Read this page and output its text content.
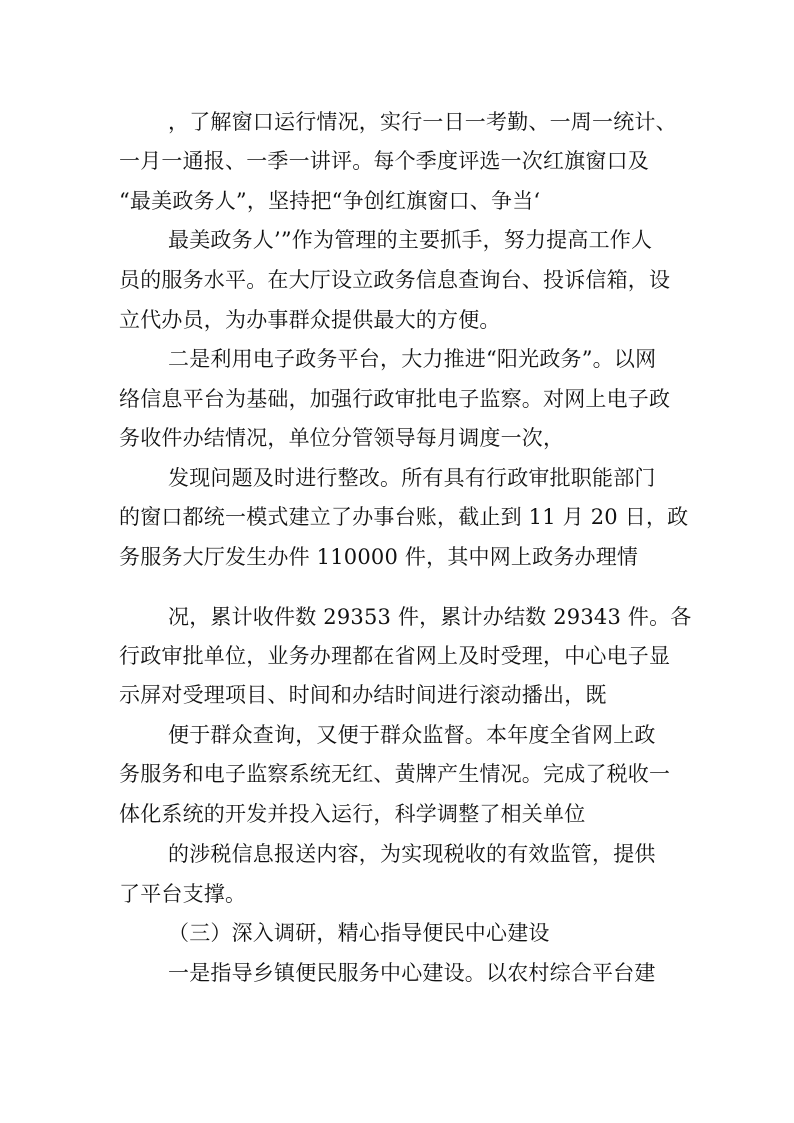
，了解窗口运行情况，实行一日一考勤、一周一统计、
一月一通报、一季一讲评。每个季度评选一次红旗窗口及
“最美政务人”，坚持把“争创红旗窗口、争当‘
最美政务人’”作为管理的主要抓手，努力提高工作人
员的服务水平。在大厅设立政务信息查询台、投诉信箱，设
立代办员，为办事群众提供最大的方便。
二是利用电子政务平台，大力推进“阳光政务”。以网
络信息平台为基础，加强行政审批电子监察。对网上电子政
务收件办结情况，单位分管领导每月调度一次，
发现问题及时进行整改。所有具有行政审批职能部门
的窗口都统一模式建立了办事台账，截止到 11 月 20 日，政
务服务大厅发生办件 110000 件，其中网上政务办理情
况，累计收件数 29353 件，累计办结数 29343 件。各
行政审批单位，业务办理都在省网上及时受理，中心电子显
示屏对受理项目、时间和办结时间进行滚动播出，既
便于群众查询，又便于群众监督。本年度全省网上政
务服务和电子监察系统无红、黄牌产生情况。完成了税收一
体化系统的开发并投入运行，科学调整了相关单位
的涉税信息报送内容，为实现税收的有效监管，提供
了平台支撑。
（三）深入调研，精心指导便民中心建设
一是指导乡镇便民服务中心建设。以农村综合平台建
